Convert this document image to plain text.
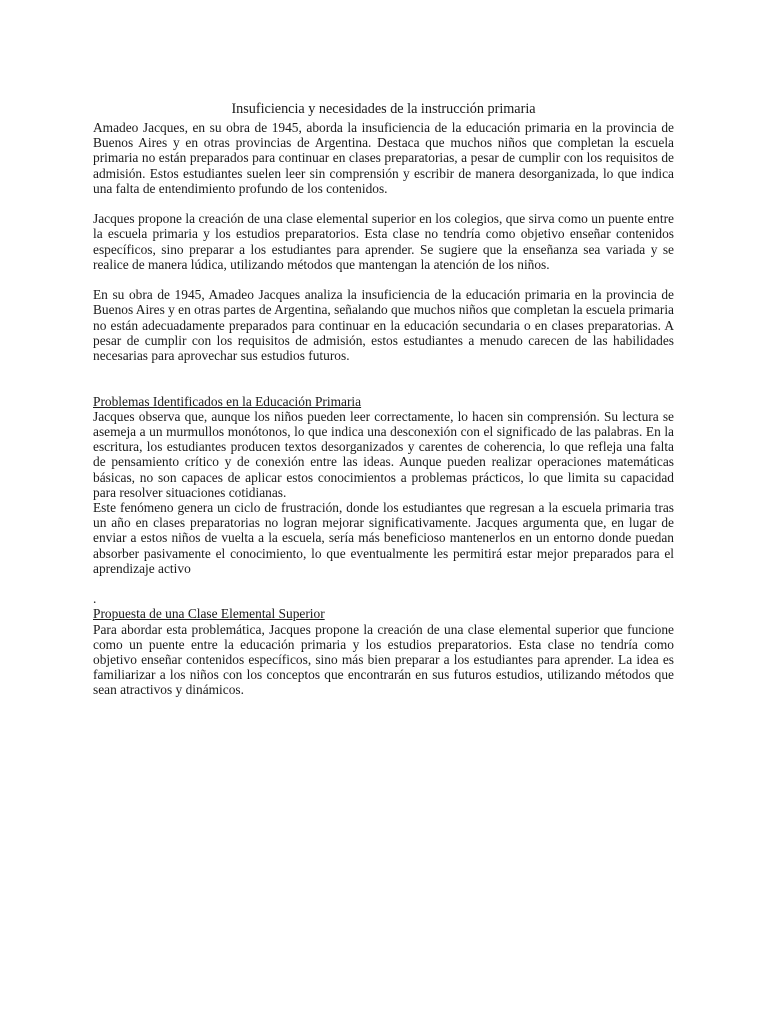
Insuficiencia y necesidades de la instrucción primaria

Amadeo Jacques, en su obra de 1945, aborda la insuficiencia de la educación primaria en la provincia de Buenos Aires y en otras provincias de Argentina. Destaca que muchos niños que completan la escuela primaria no están preparados para continuar en clases preparatorias, a pesar de cumplir con los requisitos de admisión. Estos estudiantes suelen leer sin comprensión y escribir de manera desorganizada, lo que indica una falta de entendimiento profundo de los contenidos.

Jacques propone la creación de una clase elemental superior en los colegios, que sirva como un puente entre la escuela primaria y los estudios preparatorios. Esta clase no tendría como objetivo enseñar contenidos específicos, sino preparar a los estudiantes para aprender. Se sugiere que la enseñanza sea variada y se realice de manera lúdica, utilizando métodos que mantengan la atención de los niños.

En su obra de 1945, Amadeo Jacques analiza la insuficiencia de la educación primaria en la provincia de Buenos Aires y en otras partes de Argentina, señalando que muchos niños que completan la escuela primaria no están adecuadamente preparados para continuar en la educación secundaria o en clases preparatorias. A pesar de cumplir con los requisitos de admisión, estos estudiantes a menudo carecen de las habilidades necesarias para aprovechar sus estudios futuros.

Problemas Identificados en la Educación Primaria

Jacques observa que, aunque los niños pueden leer correctamente, lo hacen sin comprensión. Su lectura se asemeja a un murmullos monótonos, lo que indica una desconexión con el significado de las palabras. En la escritura, los estudiantes producen textos desorganizados y carentes de coherencia, lo que refleja una falta de pensamiento crítico y de conexión entre las ideas. Aunque pueden realizar operaciones matemáticas básicas, no son capaces de aplicar estos conocimientos a problemas prácticos, lo que limita su capacidad para resolver situaciones cotidianas.

Este fenómeno genera un ciclo de frustración, donde los estudiantes que regresan a la escuela primaria tras un año en clases preparatorias no logran mejorar significativamente. Jacques argumenta que, en lugar de enviar a estos niños de vuelta a la escuela, sería más beneficioso mantenerlos en un entorno donde puedan absorber pasivamente el conocimiento, lo que eventualmente les permitirá estar mejor preparados para el aprendizaje activo

.

Propuesta de una Clase Elemental Superior

Para abordar esta problemática, Jacques propone la creación de una clase elemental superior que funcione como un puente entre la educación primaria y los estudios preparatorios. Esta clase no tendría como objetivo enseñar contenidos específicos, sino más bien preparar a los estudiantes para aprender. La idea es familiarizar a los niños con los conceptos que encontrarán en sus futuros estudios, utilizando métodos que sean atractivos y dinámicos.
